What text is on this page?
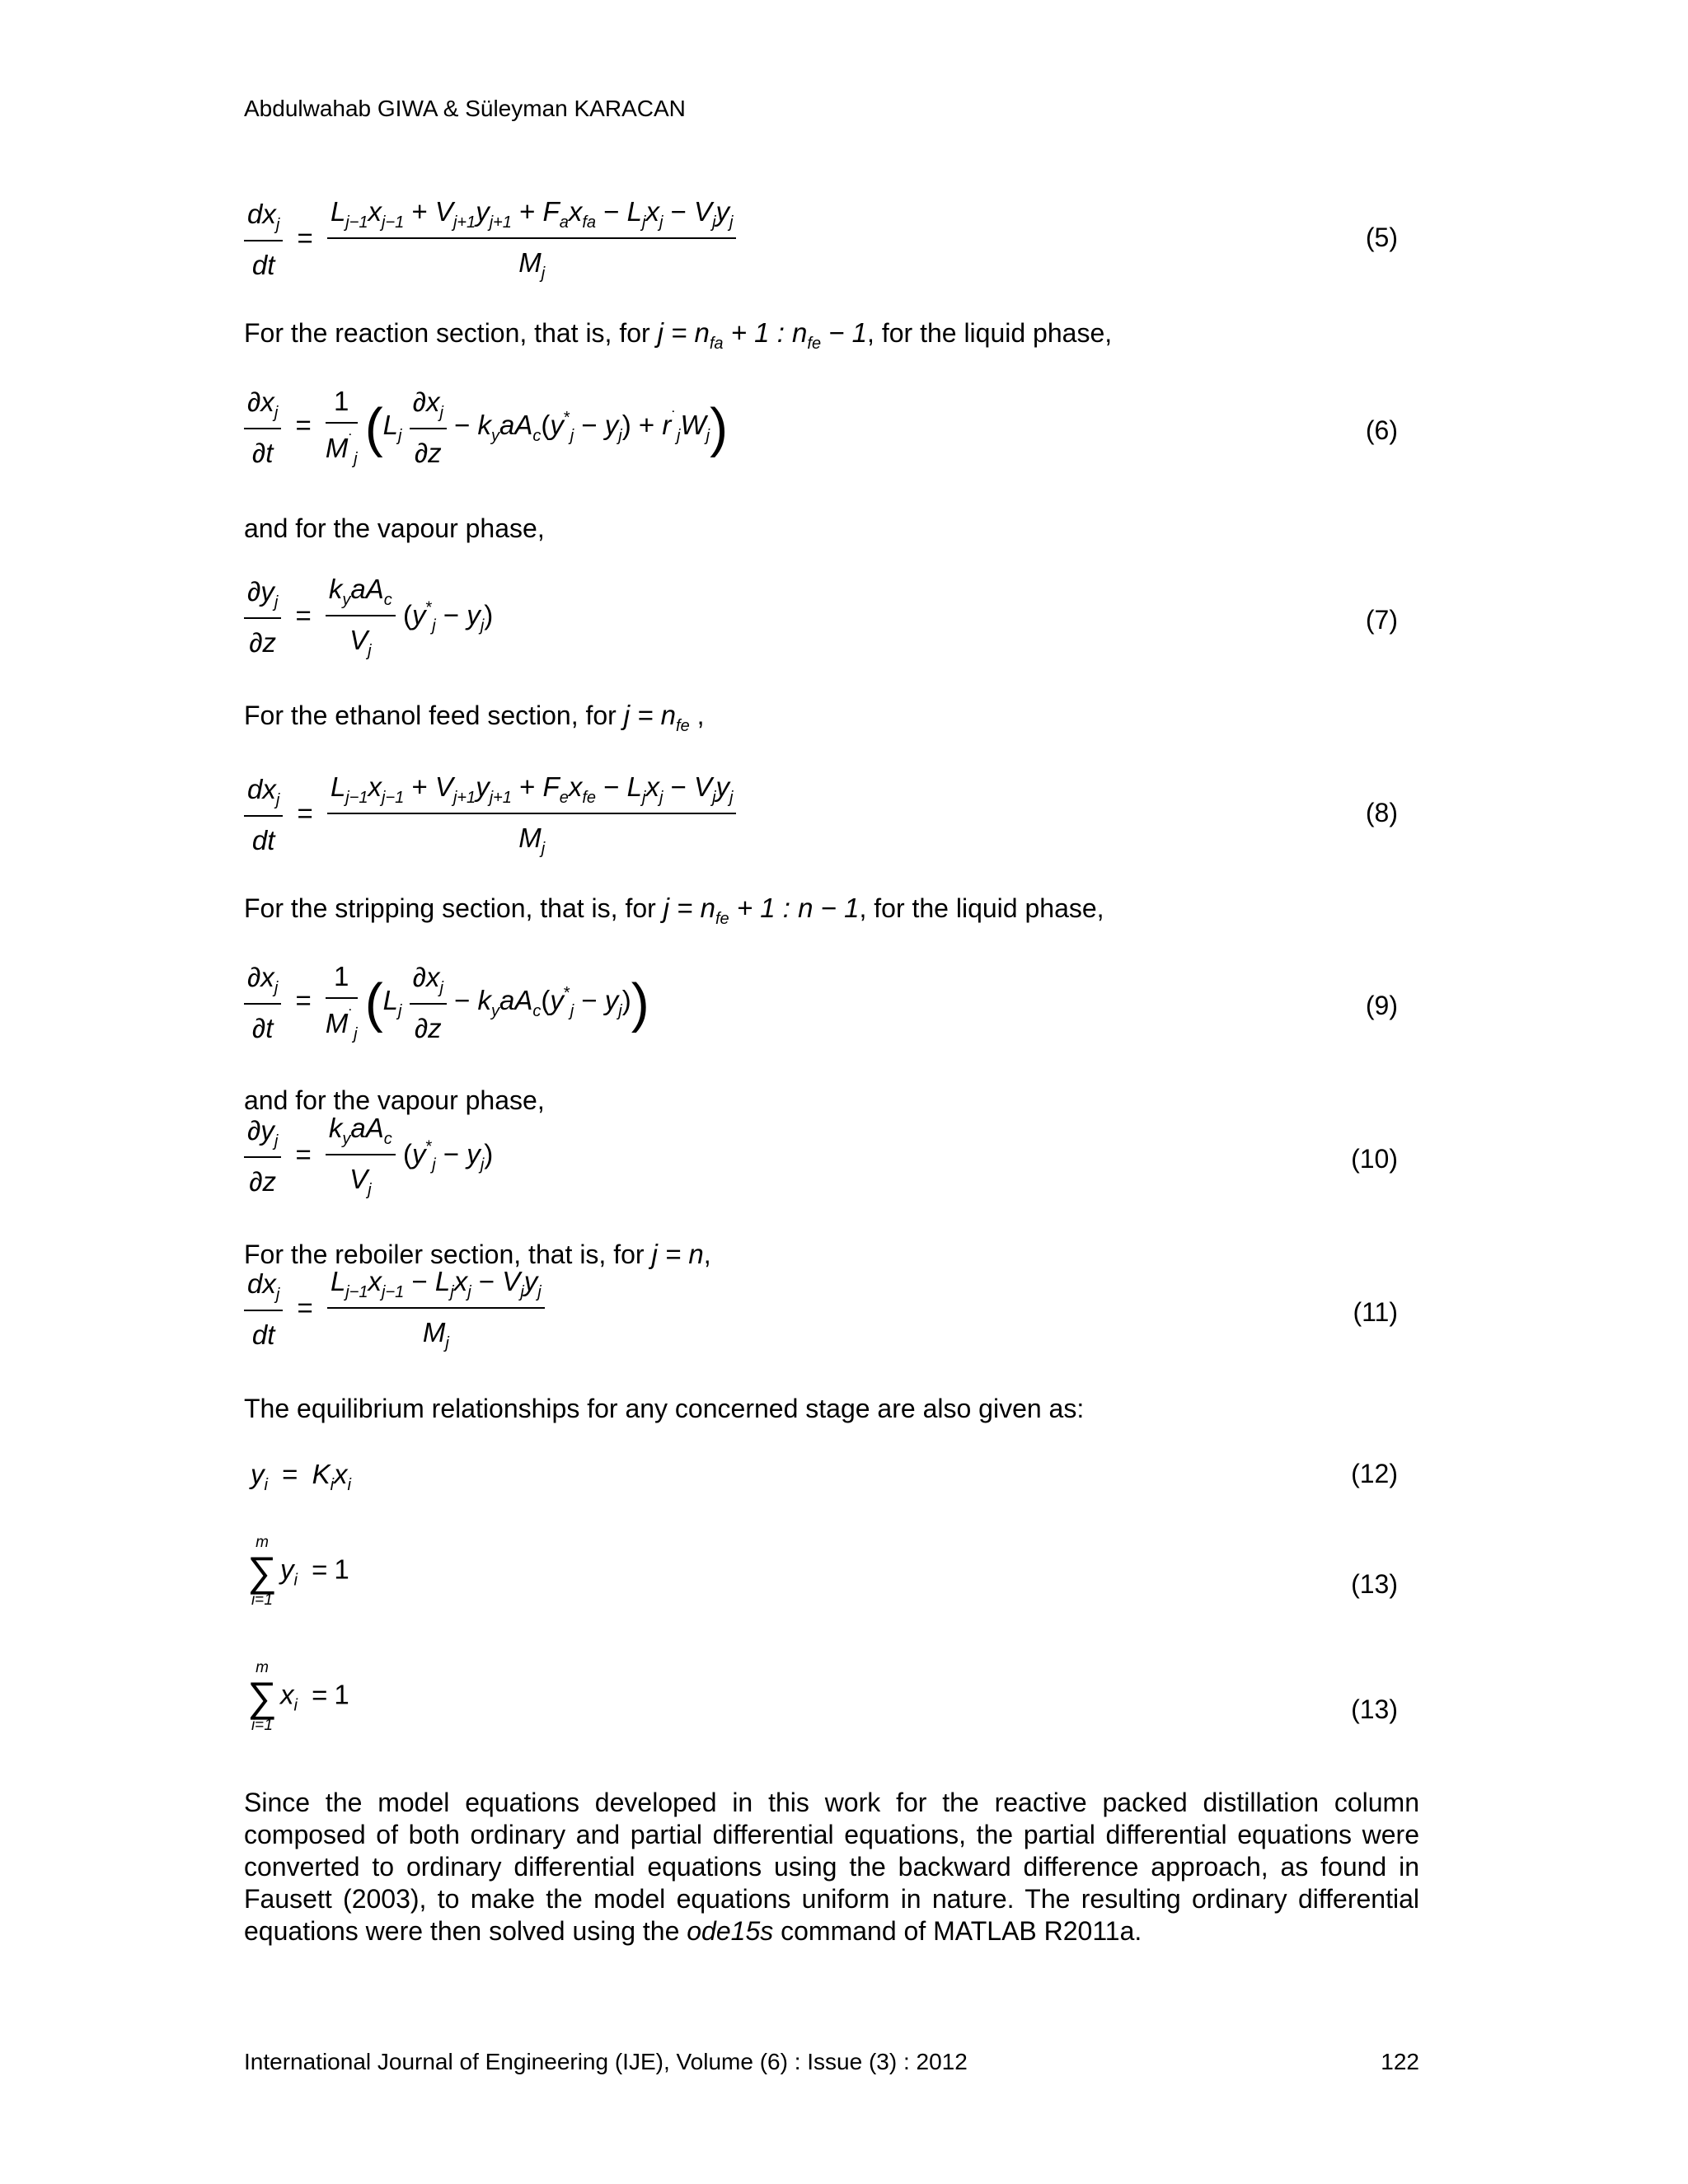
Abdulwahab GIWA & Süleyman KARACAN
$\frac{dx_j}{dt} = \frac{L_{j-1}x_{j-1} + V_{j+1}y_{j+1} + F_ax_{fa} - L_jx_j - V_jy_j}{M_j}$	(5)
For the reaction section, that is, for $j = n_{fa} + 1$ : $n_{fe} - 1$, for the liquid phase,
$\frac{\partial x_j}{\partial t} = \frac{1}{M^˙_j} (L_j \frac{\partial x_j}{\partial z} - k_yaA_c(y^*_j - y_j) + r^˙_jW_j)$	(6)
and for the vapour phase,
$\frac{\partial y_j}{\partial z} = \frac{k_yaA_c}{V_j} (y^*_j - y_j)$	(7)
For the ethanol feed section, for $j = n_{fe}$ ,
$\frac{dx_j}{dt} = \frac{L_{j-1}x_{j-1} + V_{j+1}y_{j+1} + F_ex_{fe} - L_jx_j - V_jy_j}{M_j}$	(8)
For the stripping section, that is, for $j = n_{fe} + 1$ : n − 1, for the liquid phase,
$\frac{\partial x_j}{\partial t} = \frac{1}{M^˙_j} (L_j \frac{\partial x_j}{\partial z} - k_yaA_c(y^*_j - y_j))$	(9)
and for the vapour phase,
$\frac{\partial y_j}{\partial z} = \frac{k_yaA_c}{V_j} (y^*_j - y_j)$	(10)
For the reboiler section, that is, for j = n,
$\frac{dx_j}{dt} = \frac{L_{j-1}x_{j-1} - L_jx_j - V_jy_j}{M_j}$	(11)
The equilibrium relationships for any concerned stage are also given as:
$y_i = K_ix_i$	(12)
m
∑
i=1
$y_i = 1$	(13)
m
∑
i=1
$x_i = 1$	(13)
Since the model equations developed in this work for the reactive packed distillation column composed of both ordinary and partial differential equations, the partial differential equations were converted to ordinary differential equations using the backward difference approach, as found in Fausett (2003), to make the model equations uniform in nature. The resulting ordinary differential equations were then solved using the ode15s command of MATLAB R2011a.
International Journal of Engineering (IJE), Volume (6) : Issue (3) : 2012	122
